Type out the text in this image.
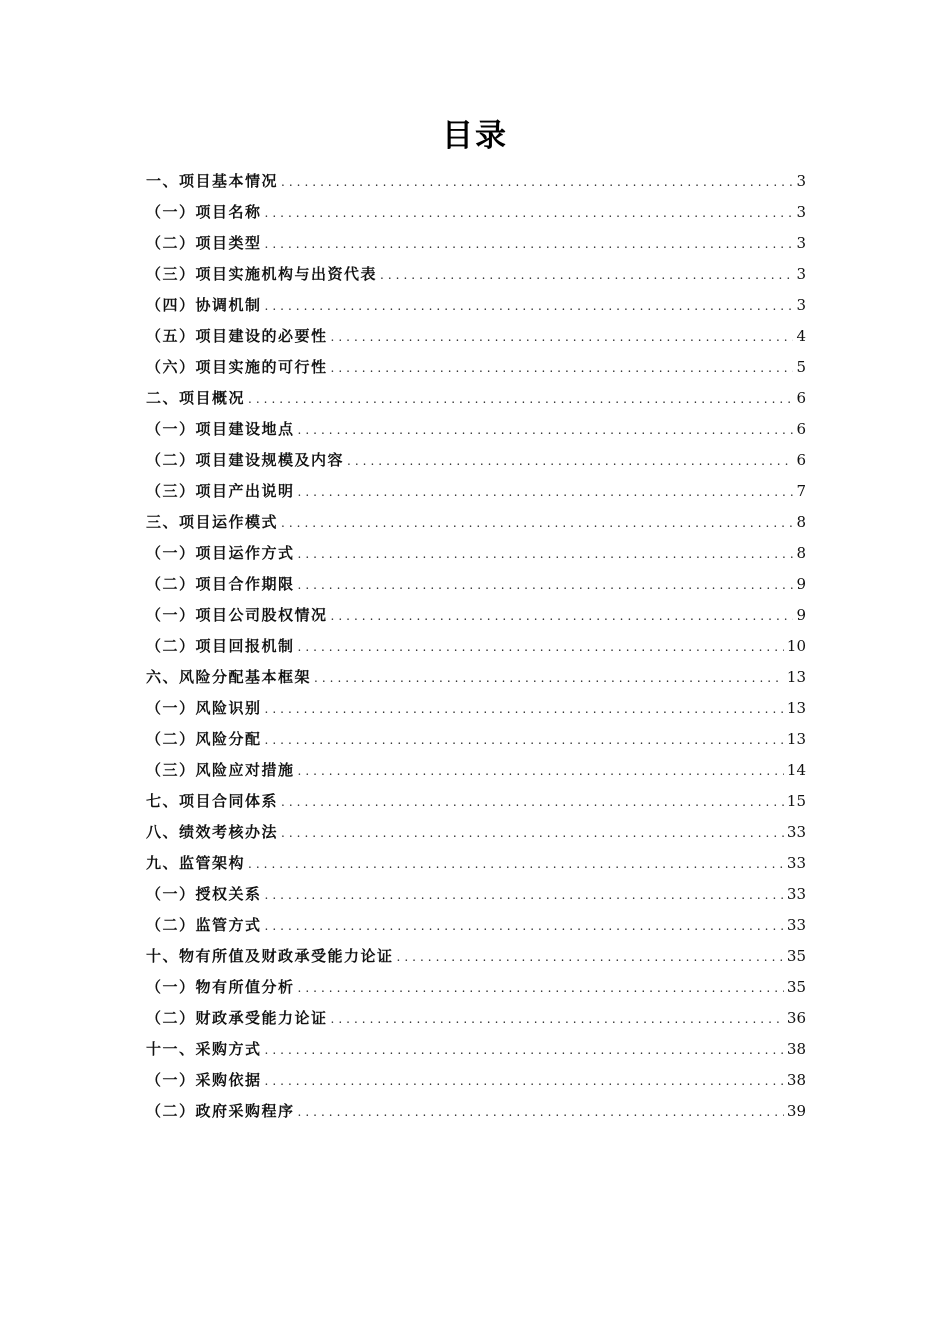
目录
一、项目基本情况 .....	3
（一）项目名称 .....	3
（二）项目类型 .....	3
（三）项目实施机构与出资代表 .....	3
（四）协调机制 .....	3
（五）项目建设的必要性 .....	4
（六）项目实施的可行性 .....	5
二、项目概况 .....	6
（一）项目建设地点 .....	6
（二）项目建设规模及内容 .....	6
（三）项目产出说明 .....	7
三、项目运作模式 .....	8
（一）项目运作方式 .....	8
（二）项目合作期限 .....	9
（一）项目公司股权情况 .....	9
（二）项目回报机制 .....	10
六、风险分配基本框架 .....	13
（一）风险识别 .....	13
（二）风险分配 .....	13
（三）风险应对措施 .....	14
七、项目合同体系 .....	15
八、绩效考核办法 .....	33
九、监管架构 .....	33
（一）授权关系 .....	33
（二）监管方式 .....	33
十、物有所值及财政承受能力论证 .....	35
（一）物有所值分析 .....	35
（二）财政承受能力论证 .....	36
十一、采购方式 .....	38
（一）采购依据 .....	38
（二）政府采购程序 .....	39
